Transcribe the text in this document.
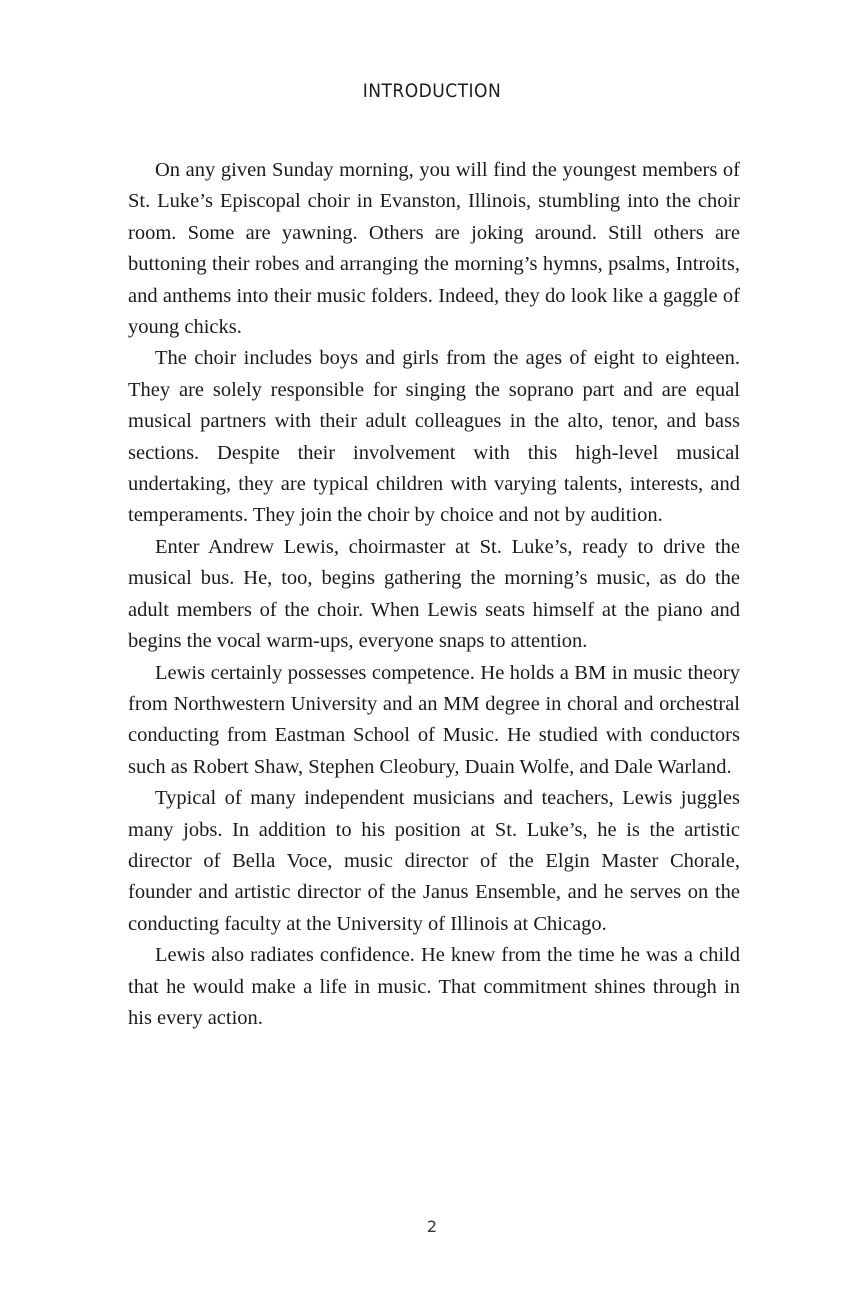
INTRODUCTION

On any given Sunday morning, you will find the youngest members of St. Luke’s Episcopal choir in Evanston, Illinois, stumbling into the choir room. Some are yawning. Others are joking around. Still others are buttoning their robes and arranging the morning’s hymns, psalms, Introits, and anthems into their music folders. Indeed, they do look like a gaggle of young chicks.

The choir includes boys and girls from the ages of eight to eighteen. They are solely responsible for singing the soprano part and are equal musical partners with their adult colleagues in the alto, tenor, and bass sections. Despite their involvement with this high-level musical undertaking, they are typical children with varying talents, interests, and temperaments. They join the choir by choice and not by audition.

Enter Andrew Lewis, choirmaster at St. Luke’s, ready to drive the musical bus. He, too, begins gathering the morning’s music, as do the adult members of the choir. When Lewis seats himself at the piano and begins the vocal warm-ups, everyone snaps to attention.

Lewis certainly possesses competence. He holds a BM in music theory from Northwestern University and an MM degree in choral and orchestral conducting from Eastman School of Music. He studied with conductors such as Robert Shaw, Stephen Cleobury, Duain Wolfe, and Dale Warland.

Typical of many independent musicians and teachers, Lewis juggles many jobs. In addition to his position at St. Luke’s, he is the artistic director of Bella Voce, music director of the Elgin Master Chorale, founder and artistic director of the Janus Ensemble, and he serves on the conducting faculty at the University of Illinois at Chicago.

Lewis also radiates confidence. He knew from the time he was a child that he would make a life in music. That commitment shines through in his every action.

2
